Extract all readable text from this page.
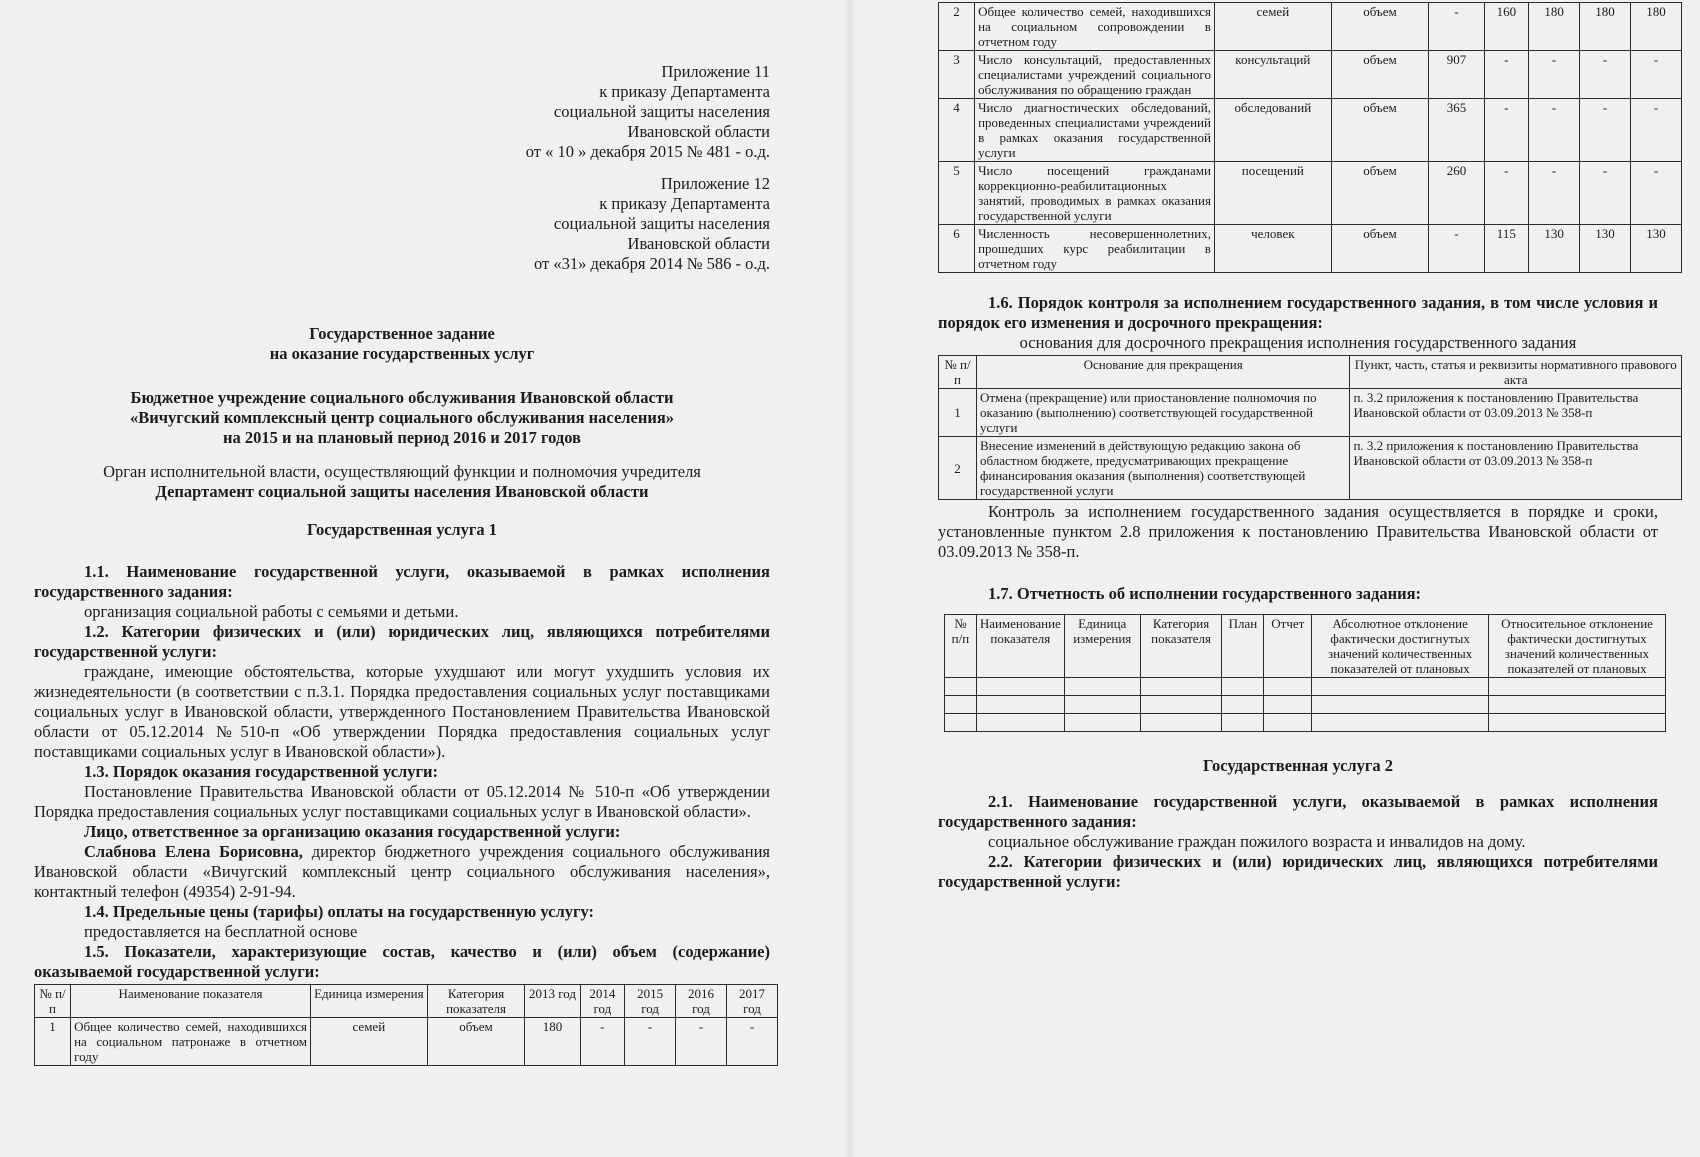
Приложение 11
к приказу Департамента
социальной защиты населения
Ивановской области
от « 10 » декабря 2015 № 481 - о.д.
Приложение 12
к приказу Департамента
социальной защиты населения
Ивановской области
от «31» декабря 2014 № 586 - о.д.
Государственное задание
на оказание государственных услуг
Бюджетное учреждение социального обслуживания Ивановской области
«Вичугский комплексный центр социального обслуживания населения»
на 2015 и на плановый период 2016 и 2017 годов
Орган исполнительной власти, осуществляющий функции и полномочия учредителя
Департамент социальной защиты населения Ивановской области
Государственная услуга 1
1.1. Наименование государственной услуги, оказываемой в рамках исполнения государственного задания:
организация социальной работы с семьями и детьми.
1.2. Категории физических и (или) юридических лиц, являющихся потребителями государственной услуги:
граждане, имеющие обстоятельства, которые ухудшают или могут ухудшить условия их жизнедеятельности (в соответствии с п.3.1. Порядка предоставления социальных услуг поставщиками социальных услуг в Ивановской области, утвержденного Постановлением Правительства Ивановской области от 05.12.2014 №510-п «Об утверждении Порядка предоставления социальных услуг поставщиками социальных услуг в Ивановской области»).
1.3. Порядок оказания государственной услуги:
Постановление Правительства Ивановской области от 05.12.2014 № 510-п «Об утверждении Порядка предоставления социальных услуг поставщиками социальных услуг в Ивановской области».
Лицо, ответственное за организацию оказания государственной услуги:
Слабнова Елена Борисовна, директор бюджетного учреждения социального обслуживания Ивановской области «Вичугский комплексный центр социального обслуживания населения», контактный телефон (49354) 2-91-94.
1.4. Предельные цены (тарифы) оплаты на государственную услугу:
предоставляется на бесплатной основе
1.5. Показатели, характеризующие состав, качество и (или) объем (содержание) оказываемой государственной услуги:
№ п/п	Наименование показателя	Единица измерения	Категория показателя	2013 год	2014 год	2015 год	2016 год	2017 год
1	Общее количество семей, находившихся на социальном патронаже в отчетном году	семей	объем	180	-	-	-	-
2	Общее количество семей, находившихся на социальном сопровождении в отчетном году	семей	объем	-	160	180	180	180
3	Число консультаций, предоставленных специалистами учреждений социального обслуживания по обращению граждан	консультаций	объем	907	-	-	-	-
4	Число диагностических обследований, проведенных специалистами учреждений в рамках оказания государственной услуги	обследований	объем	365	-	-	-	-
5	Число посещений гражданами коррекционно-реабилитационных занятий, проводимых в рамках оказания государственной услуги	посещений	объем	260	-	-	-	-
6	Численность несовершеннолетних, прошедших курс реабилитации в отчетном году	человек	объем	-	115	130	130	130
1.6. Порядок контроля за исполнением государственного задания, в том числе условия и порядок его изменения и досрочного прекращения:
основания для досрочного прекращения исполнения государственного задания
№ п/п	Основание для прекращения	Пункт, часть, статья и реквизиты нормативного правового акта
1	Отмена (прекращение) или приостановление полномочия по оказанию (выполнению) соответствующей государственной услуги	п. 3.2 приложения к постановлению Правительства Ивановской области от 03.09.2013 № 358-п
2	Внесение изменений в действующую редакцию закона об областном бюджете, предусматривающих прекращение финансирования оказания (выполнения) соответствующей государственной услуги	п. 3.2 приложения к постановлению Правительства Ивановской области от 03.09.2013 № 358-п
Контроль за исполнением государственного задания осуществляется в порядке и сроки, установленные пунктом 2.8 приложения к постановлению Правительства Ивановской области от 03.09.2013 № 358-п.
1.7. Отчетность об исполнении государственного задания:
№ п/п	Наименование показателя	Единица измерения	Категория показателя	План	Отчет	Абсолютное отклонение фактически достигнутых значений количественных показателей от плановых	Относительное отклонение фактически достигнутых значений количественных показателей от плановых

Государственная услуга 2
2.1. Наименование государственной услуги, оказываемой в рамках исполнения государственного задания:
социальное обслуживание граждан пожилого возраста и инвалидов на дому.
2.2. Категории физических и (или) юридических лиц, являющихся потребителями государственной услуги:
